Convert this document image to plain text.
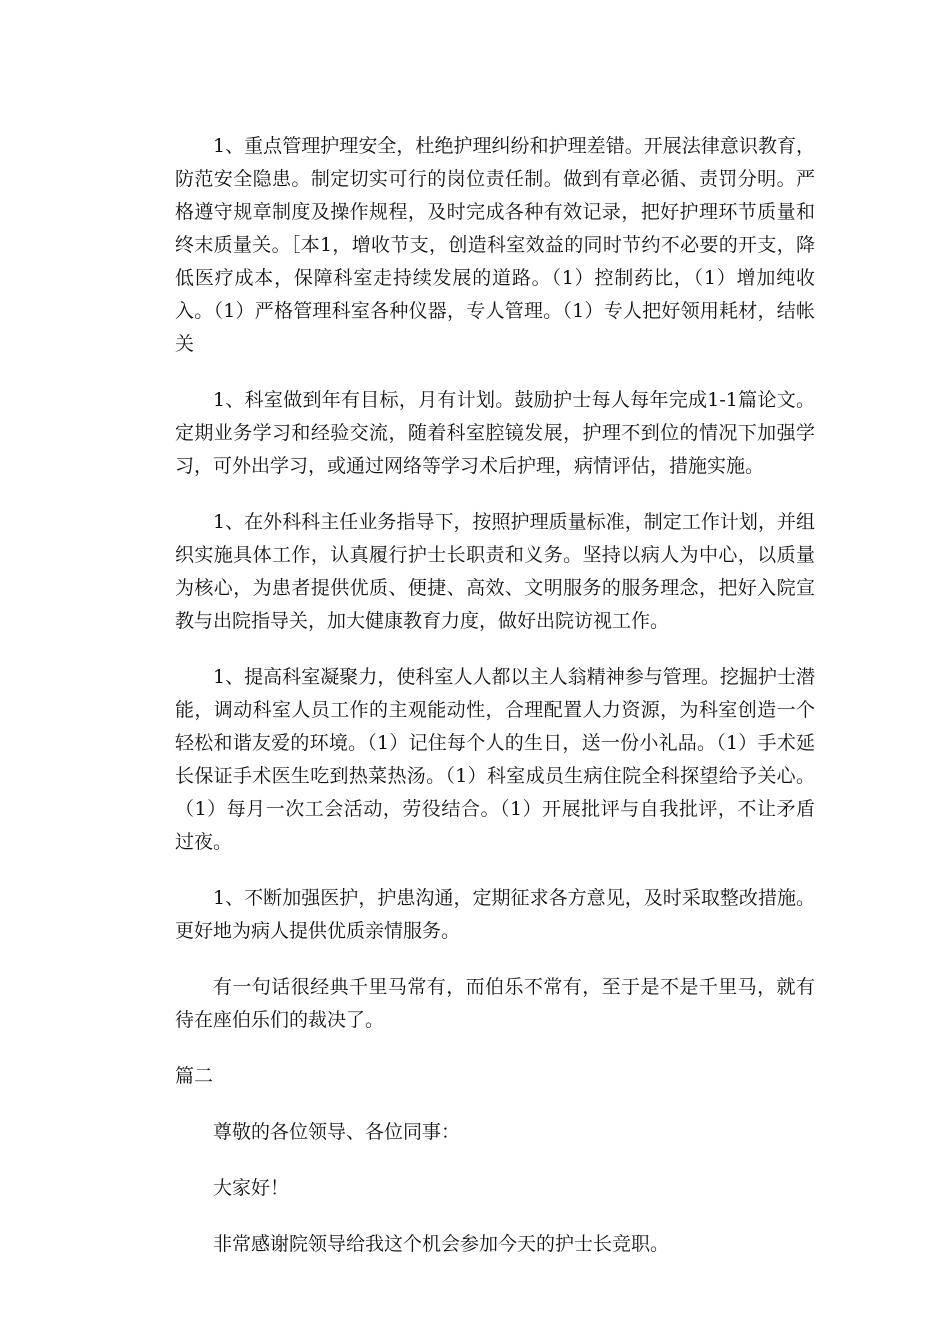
1、重点管理护理安全，杜绝护理纠纷和护理差错。开展法律意识教育，防范安全隐患。制定切实可行的岗位责任制。做到有章必循、责罚分明。严格遵守规章制度及操作规程，及时完成各种有效记录，把好护理环节质量和终末质量关。［本1，增收节支，创造科室效益的同时节约不必要的开支，降低医疗成本，保障科室走持续发展的道路。（1）控制药比，（1）增加纯收入。（1）严格管理科室各种仪器，专人管理。（1）专人把好领用耗材，结帐关

1、科室做到年有目标，月有计划。鼓励护士每人每年完成1-1篇论文。定期业务学习和经验交流，随着科室腔镜发展，护理不到位的情况下加强学习，可外出学习，或通过网络等学习术后护理，病情评估，措施实施。

1、在外科科主任业务指导下，按照护理质量标准，制定工作计划，并组织实施具体工作，认真履行护士长职责和义务。坚持以病人为中心，以质量为核心，为患者提供优质、便捷、高效、文明服务的服务理念，把好入院宣教与出院指导关，加大健康教育力度，做好出院访视工作。

1、提高科室凝聚力，使科室人人都以主人翁精神参与管理。挖掘护士潜能，调动科室人员工作的主观能动性，合理配置人力资源，为科室创造一个轻松和谐友爱的环境。（1）记住每个人的生日，送一份小礼品。（1）手术延长保证手术医生吃到热菜热汤。（1）科室成员生病住院全科探望给予关心。（1）每月一次工会活动，劳役结合。（1）开展批评与自我批评，不让矛盾过夜。

1、不断加强医护，护患沟通，定期征求各方意见，及时采取整改措施。更好地为病人提供优质亲情服务。

有一句话很经典千里马常有，而伯乐不常有，至于是不是千里马，就有待在座伯乐们的裁决了。

篇二

尊敬的各位领导、各位同事：

大家好！

非常感谢院领导给我这个机会参加今天的护士长竞职。
